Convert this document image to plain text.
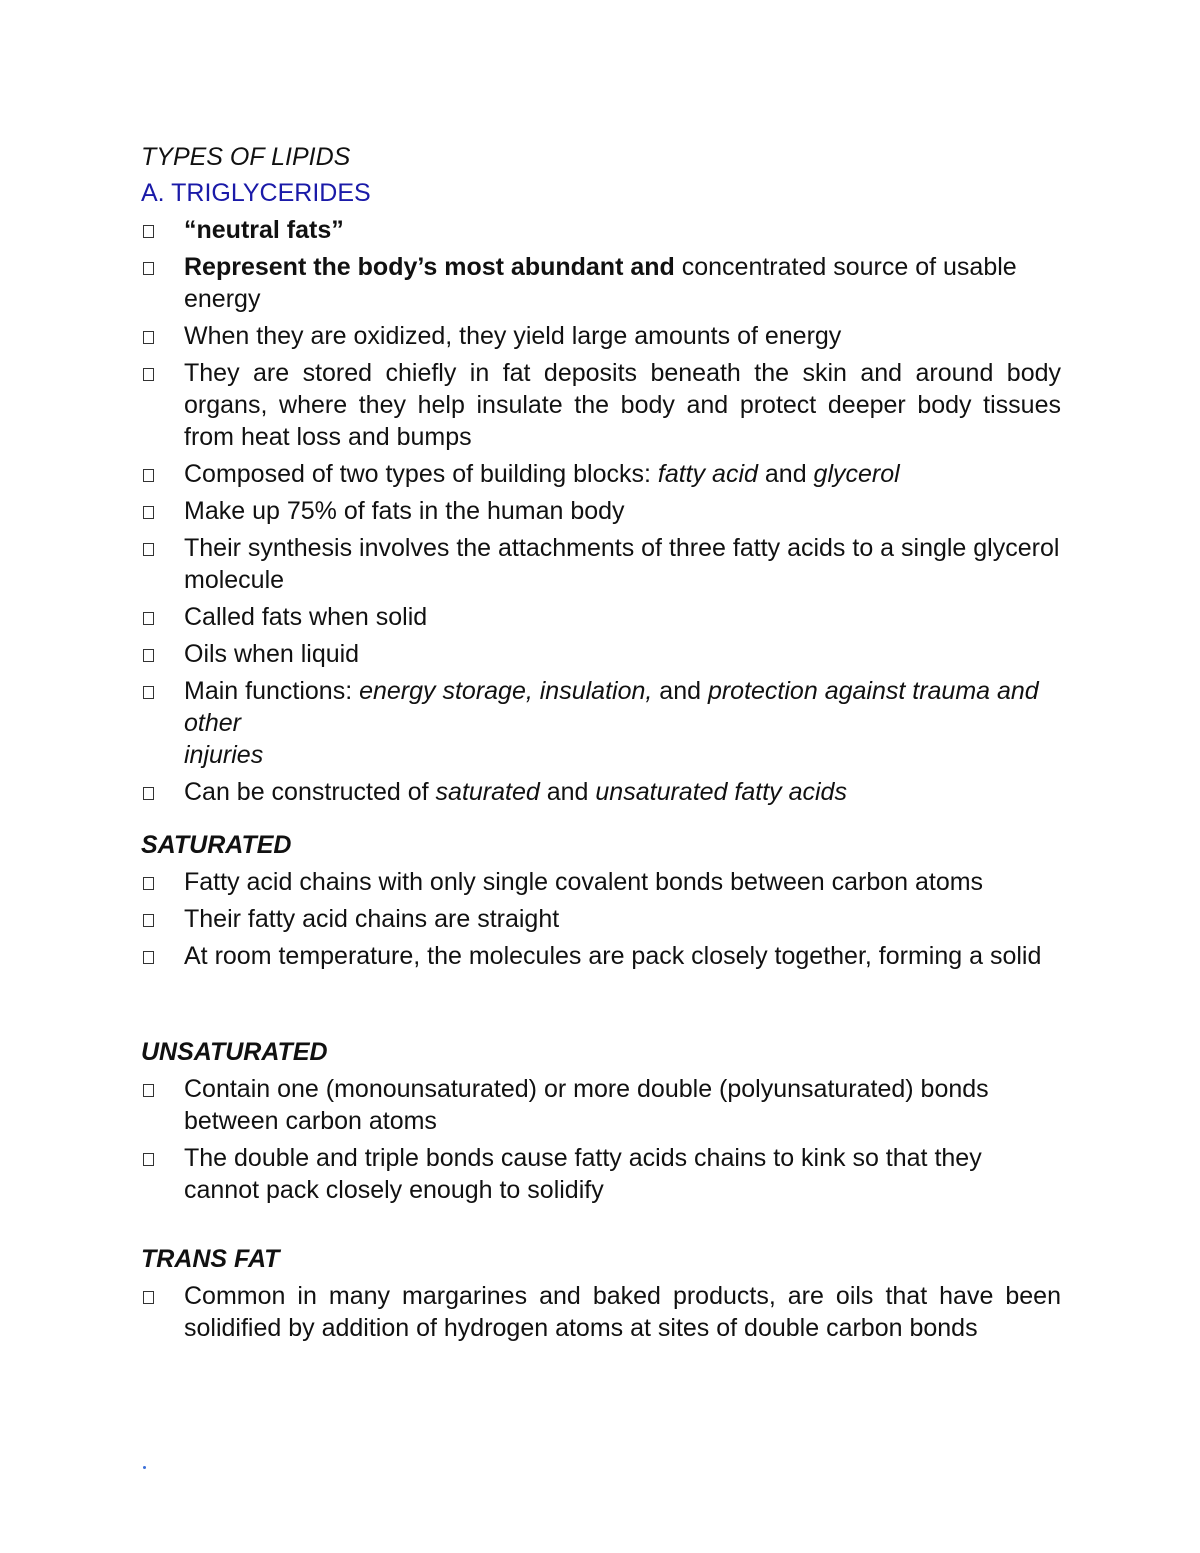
TYPES OF LIPIDS
A. TRIGLYCERIDES
“neutral fats”
Represent the body’s most abundant and concentrated source of usable energy
When they are oxidized, they yield large amounts of energy
They are stored chiefly in fat deposits beneath the skin and around body organs, where they help insulate the body and protect deeper body tissues from heat loss and bumps
Composed of two types of building blocks: fatty acid and glycerol
Make up 75% of fats in the human body
Their synthesis involves the attachments of three fatty acids to a single glycerol molecule
Called fats when solid
Oils when liquid
Main functions: energy storage, insulation, and protection against trauma and other
injuries
Can be constructed of saturated and unsaturated fatty acids
SATURATED
Fatty acid chains with only single covalent bonds between carbon atoms
Their fatty acid chains are straight
At room temperature, the molecules are pack closely together, forming a solid
UNSATURATED
Contain one (monounsaturated) or more double (polyunsaturated) bonds between carbon atoms
The double and triple bonds cause fatty acids chains to kink so that they cannot pack closely enough to solidify
TRANS FAT
Common in many margarines and baked products, are oils that have been solidified by addition of hydrogen atoms at sites of double carbon bonds
